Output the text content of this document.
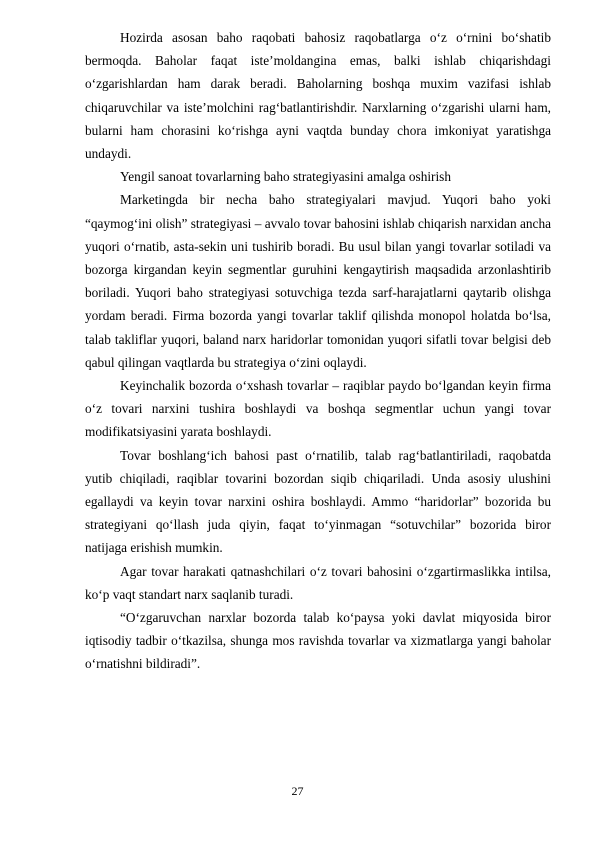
Hozirda asosan baho raqobati bahosiz raqobatlarga o‘z o‘rnini bo‘shatib bermoqda. Baholar faqat iste’moldangina emas, balki ishlab chiqarishdagi o‘zgarishlardan ham darak beradi. Baholarning boshqa muxim vazifasi ishlab chiqaruvchilar va iste’molchini rag‘batlantirishdir. Narxlarning o‘zgarishi ularni ham, bularni ham chorasini ko‘rishga ayni vaqtda bunday chora imkoniyat yaratishga undaydi.

Yengil sanoat tovarlarning baho strategiyasini amalga oshirish

Marketingda bir necha baho strategiyalari mavjud. Yuqori baho yoki “qaymog‘ini olish” strategiyasi – avvalo tovar bahosini ishlab chiqarish narxidan ancha yuqori o‘rnatib, asta-sekin uni tushirib boradi. Bu usul bilan yangi tovarlar sotiladi va bozorga kirgandan keyin segmentlar guruhini kengaytirish maqsadida arzonlashtirib boriladi. Yuqori baho strategiyasi sotuvchiga tezda sarf-harajatlarni qaytarib olishga yordam beradi. Firma bozorda yangi tovarlar taklif qilishda monopol holatda bo‘lsa, talab takliflar yuqori, baland narx haridorlar tomonidan yuqori sifatli tovar belgisi deb qabul qilingan vaqtlarda bu strategiya o‘zini oqlaydi.

Keyinchalik bozorda o‘xshash tovarlar – raqiblar paydo bo‘lgandan keyin firma o‘z tovari narxini tushira boshlaydi va boshqa segmentlar uchun yangi tovar modifikatsiyasini yarata boshlaydi.

Tovar boshlang‘ich bahosi past o‘rnatilib, talab rag‘batlantiriladi, raqobatda yutib chiqiladi, raqiblar tovarini bozordan siqib chiqariladi. Unda asosiy ulushini egallaydi va keyin tovar narxini oshira boshlaydi. Ammo “haridorlar” bozorida bu strategiyani qo‘llash juda qiyin, faqat to‘yinmagan “sotuvchilar” bozorida biror natijaga erishish mumkin.

Agar tovar harakati qatnashchilari o‘z tovari bahosini o‘zgartirmaslikka intilsa, ko‘p vaqt standart narx saqlanib turadi.

“O‘zgaruvchan narxlar bozorda talab ko‘paysa yoki davlat miqyosida biror iqtisodiy tadbir o‘tkazilsa, shunga mos ravishda tovarlar va xizmatlarga yangi baholar o‘rnatishni bildiradi”.

27
